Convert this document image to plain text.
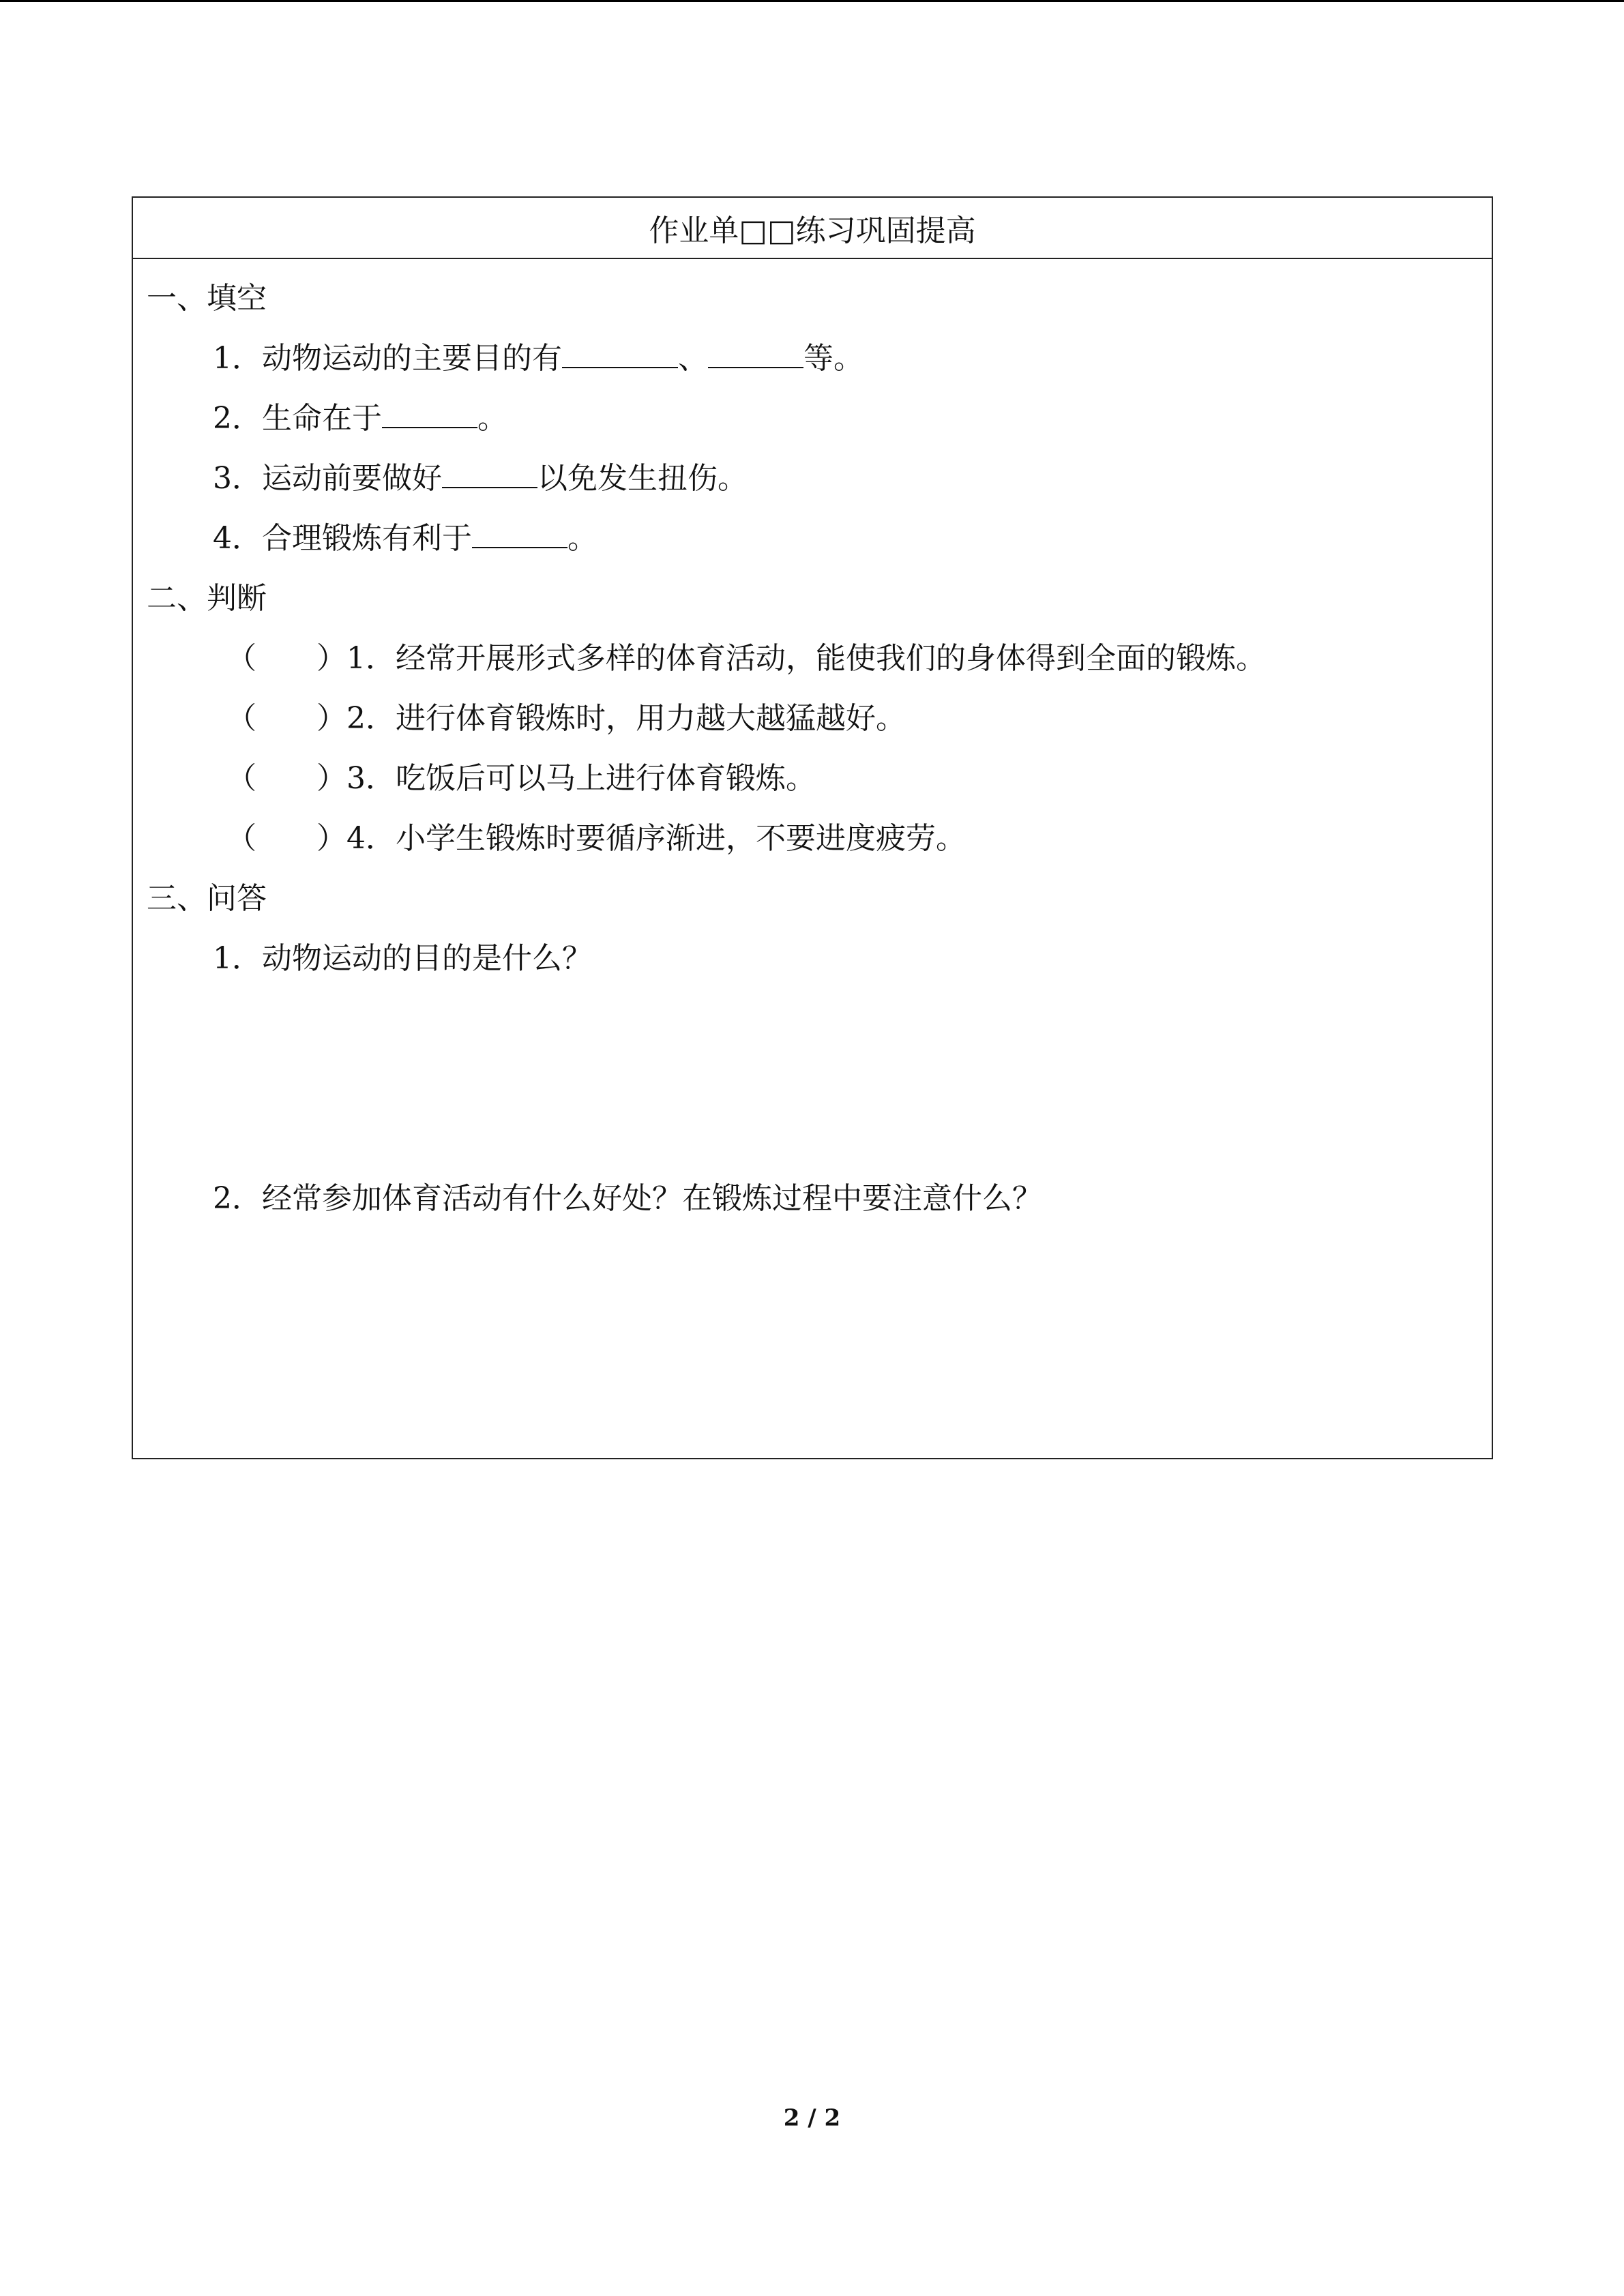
作业单□□练习巩固提高
一、填空
1．动物运动的主要目的有	、	等。
2．生命在于	。
3．运动前要做好	以免发生扭伤。
4．合理锻炼有利于	。
二、判断
（ ）1．经常开展形式多样的体育活动，能使我们的身体得到全面的锻炼。
（ ）2．进行体育锻炼时，用力越大越猛越好。
（ ）3．吃饭后可以马上进行体育锻炼。
（ ）4．小学生锻炼时要循序渐进，不要进度疲劳。
三、问答
1．动物运动的目的是什么？
2．经常参加体育活动有什么好处？在锻炼过程中要注意什么？
2 / 2
